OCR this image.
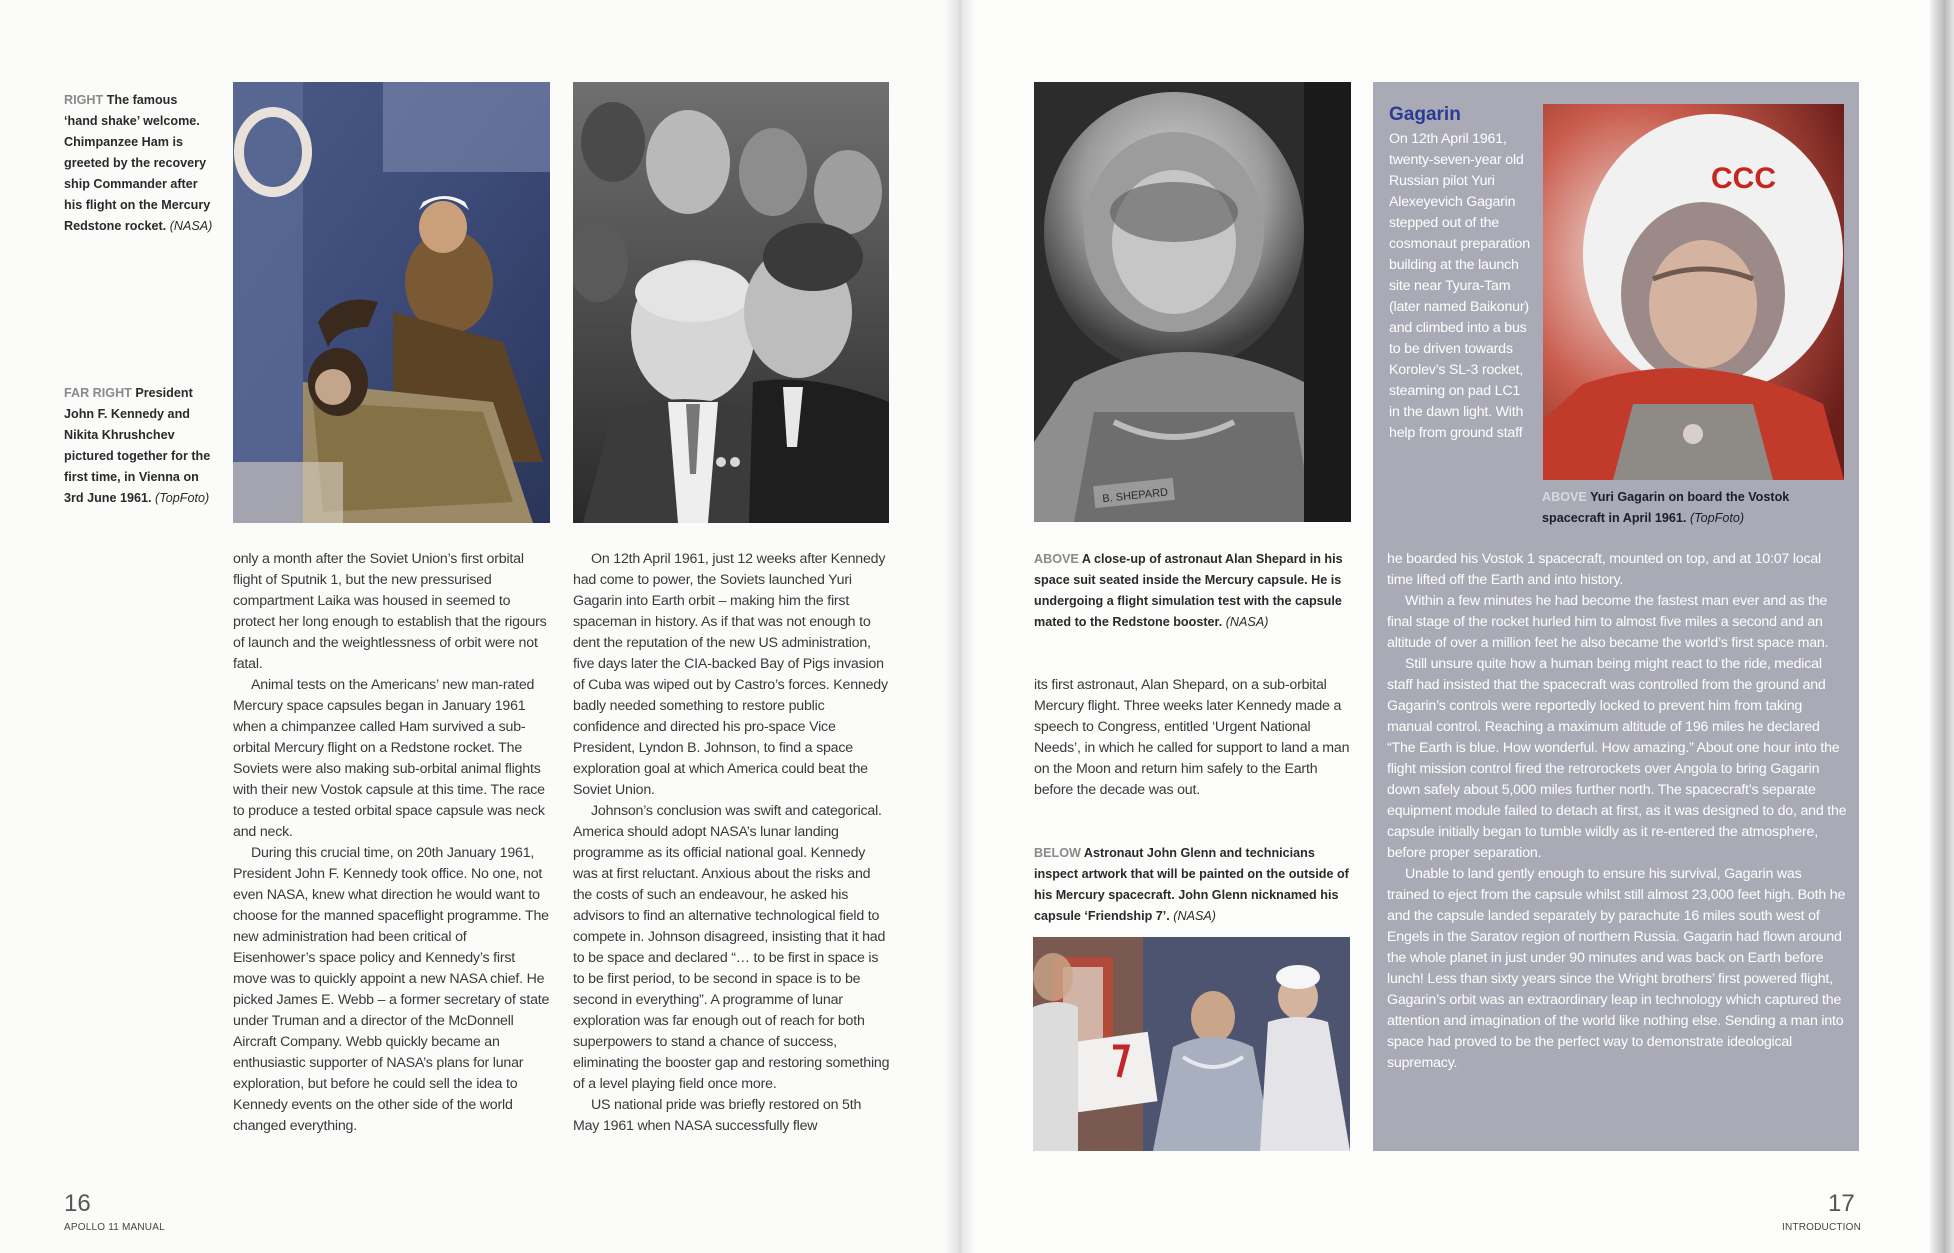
RIGHT The famous ‘hand shake’ welcome. Chimpanzee Ham is greeted by the recovery ship Commander after his flight on the Mercury Redstone rocket. (NASA)
FAR RIGHT President John F. Kennedy and Nikita Khrushchev pictured together for the first time, in Vienna on 3rd June 1961. (TopFoto)

only a month after the Soviet Union’s first orbital flight of Sputnik 1, but the new pressurised compartment Laika was housed in seemed to protect her long enough to establish that the rigours of launch and the weightlessness of orbit were not fatal.

Animal tests on the Americans’ new man-rated Mercury space capsules began in January 1961 when a chimpanzee called Ham survived a sub-orbital Mercury flight on a Redstone rocket. The Soviets were also making sub-orbital animal flights with their new Vostok capsule at this time. The race to produce a tested orbital space capsule was neck and neck.

During this crucial time, on 20th January 1961, President John F. Kennedy took office. No one, not even NASA, knew what direction he would want to choose for the manned spaceflight programme. The new administration had been critical of Eisenhower’s space policy and Kennedy’s first move was to quickly appoint a new NASA chief. He picked James E. Webb – a former secretary of state under Truman and a director of the McDonnell Aircraft Company. Webb quickly became an enthusiastic supporter of NASA’s plans for lunar exploration, but before he could sell the idea to Kennedy events on the other side of the world changed everything.

On 12th April 1961, just 12 weeks after Kennedy had come to power, the Soviets launched Yuri Gagarin into Earth orbit – making him the first spaceman in history. As if that was not enough to dent the reputation of the new US administration, five days later the CIA-backed Bay of Pigs invasion of Cuba was wiped out by Castro’s forces. Kennedy badly needed something to restore public confidence and directed his pro-space Vice President, Lyndon B. Johnson, to find a space exploration goal at which America could beat the Soviet Union.

Johnson’s conclusion was swift and categorical. America should adopt NASA’s lunar landing programme as its official national goal. Kennedy was at first reluctant. Anxious about the risks and the costs of such an endeavour, he asked his advisors to find an alternative technological field to compete in. Johnson disagreed, insisting that it had to be space and declared “… to be first in space is to be first period, to be second in space is to be second in everything”. A programme of lunar exploration was far enough out of reach for both superpowers to stand a chance of success, eliminating the booster gap and restoring something of a level playing field once more.

US national pride was briefly restored on 5th May 1961 when NASA successfully flew

16
APOLLO 11 MANUAL
B. SHEPARD
ABOVE A close-up of astronaut Alan Shepard in his space suit seated inside the Mercury capsule. He is undergoing a flight simulation test with the capsule mated to the Redstone booster. (NASA)

its first astronaut, Alan Shepard, on a sub-orbital Mercury flight. Three weeks later Kennedy made a speech to Congress, entitled ‘Urgent National Needs’, in which he called for support to land a man on the Moon and return him safely to the Earth before the decade was out.

BELOW Astronaut John Glenn and technicians inspect artwork that will be painted on the outside of his Mercury spacecraft. John Glenn nicknamed his capsule ‘Friendship 7’. (NASA)
Gagarin

On 12th April 1961, twenty-seven-year old Russian pilot Yuri Alexeyevich Gagarin stepped out of the cosmonaut preparation building at the launch site near Tyura-Tam (later named Baikonur) and climbed into a bus to be driven towards Korolev’s SL-3 rocket, steaming on pad LC1 in the dawn light. With help from ground staff

CCC
ABOVE Yuri Gagarin on board the Vostok spacecraft in April 1961. (TopFoto)

he boarded his Vostok 1 spacecraft, mounted on top, and at 10:07 local time lifted off the Earth and into history.

Within a few minutes he had become the fastest man ever and as the final stage of the rocket hurled him to almost five miles a second and an altitude of over a million feet he also became the world’s first space man.

Still unsure quite how a human being might react to the ride, medical staff had insisted that the spacecraft was controlled from the ground and Gagarin’s controls were reportedly locked to prevent him from taking manual control. Reaching a maximum altitude of 196 miles he declared “The Earth is blue. How wonderful. How amazing.” About one hour into the flight mission control fired the retrorockets over Angola to bring Gagarin down safely about 5,000 miles further north. The spacecraft’s separate equipment module failed to detach at first, as it was designed to do, and the capsule initially began to tumble wildly as it re-entered the atmosphere, before proper separation.

Unable to land gently enough to ensure his survival, Gagarin was trained to eject from the capsule whilst still almost 23,000 feet high. Both he and the capsule landed separately by parachute 16 miles south west of Engels in the Saratov region of northern Russia. Gagarin had flown around the whole planet in just under 90 minutes and was back on Earth before lunch! Less than sixty years since the Wright brothers’ first powered flight, Gagarin’s orbit was an extraordinary leap in technology which captured the attention and imagination of the world like nothing else. Sending a man into space had proved to be the perfect way to demonstrate ideological supremacy.

17
INTRODUCTION
